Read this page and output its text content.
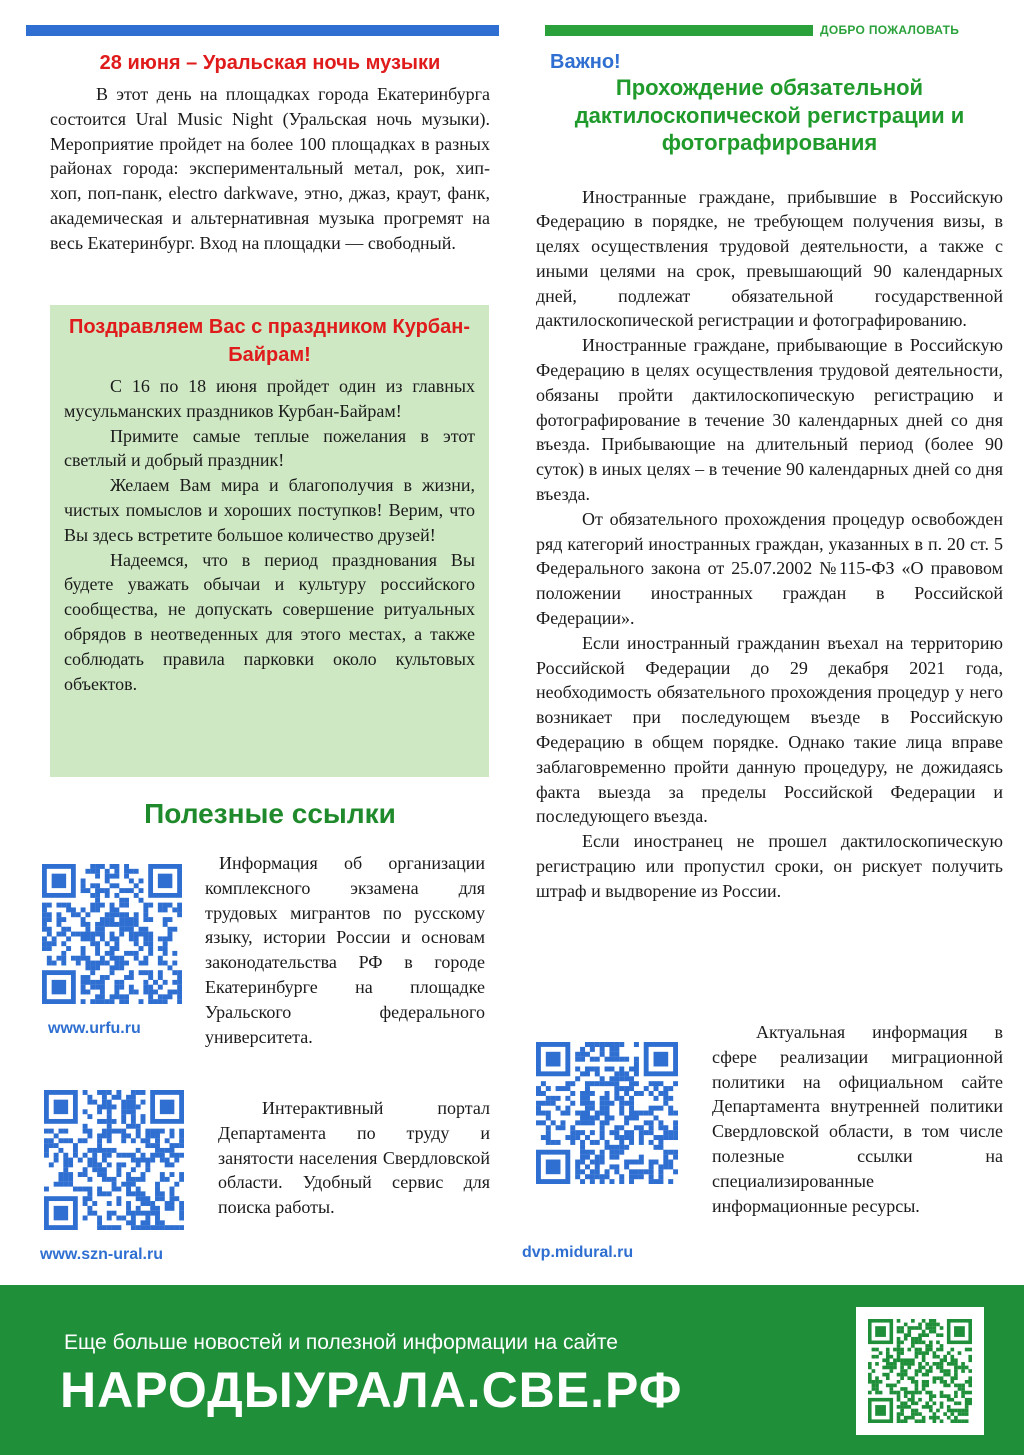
ДОБРО ПОЖАЛОВАТЬ
28 июня – Уральская ночь музыки

В этот день на площадках города Екатеринбурга состоится Ural Music Night (Уральская ночь музыки). Мероприятие пройдет на более 100 площадках в разных районах города: экспериментальный метал, рок, хип-хоп, поп-панк, electro darkwave, этно, джаз, краут, фанк, академическая и альтернативная музыка прогремят на весь Екатеринбург. Вход на площадки — свободный.

Поздравляем Вас с праздником Курбан-Байрам!

С 16 по 18 июня пройдет один из главных мусульманских праздников Курбан-Байрам!

Примите самые теплые пожелания в этот светлый и добрый праздник!

Желаем Вам мира и благополучия в жизни, чистых помыслов и хороших поступков! Верим, что Вы здесь встретите большое количество друзей!

Надеемся, что в период празднования Вы будете уважать обычаи и культуру российского сообщества, не допускать совершение ритуальных обрядов в неотведенных для этого местах, а также соблюдать правила парковки около культовых объектов.

Полезные ссылки
www.urfu.ru

Информация об организации комплексного экзамена для трудовых мигрантов по русскому языку, истории России и основам законодательства РФ в городе Екатеринбурге на площадке Уральского федерального университета.

www.szn-ural.ru

Интерактивный портал Департамента по труду и занятости населения Свердловской области. Удобный сервис для поиска работы.

Важно!
Прохождение обязательной дактилоскопической регистрации и фотографирования

Иностранные граждане, прибывшие в Российскую Федерацию в порядке, не требующем получения визы, в целях осуществления трудовой деятельности, а также с иными целями на срок, превышающий 90 календарных дней, подлежат обязательной государственной дактилоскопической регистрации и фотографированию.

Иностранные граждане, прибывающие в Российскую Федерацию в целях осуществления трудовой деятельности, обязаны пройти дактилоскопическую регистрацию и фотографирование в течение 30 календарных дней со дня въезда. Прибывающие на длительный период (более 90 суток) в иных целях – в течение 90 календарных дней со дня въезда.

От обязательного прохождения процедур освобожден ряд категорий иностранных граждан, указанных в п. 20 ст. 5 Федерального закона от 25.07.2002 №115-ФЗ «О правовом положении иностранных граждан в Российской Федерации».

Если иностранный гражданин въехал на территорию Российской Федерации до 29 декабря 2021 года, необходимость обязательного прохождения процедур у него возникает при последующем въезде в Российскую Федерацию в общем порядке. Однако такие лица вправе заблаговременно пройти данную процедуру, не дожидаясь факта выезда за пределы Российской Федерации и последующего въезда.

Если иностранец не прошел дактилоскопическую регистрацию или пропустил сроки, он рискует получить штраф и выдворение из России.

dvp.midural.ru

Актуальная информация в сфере реализации миграционной политики на официальном сайте Департамента внутренней политики Свердловской области, в том числе полезные ссылки на специализированные информационные ресурсы.

Еще больше новостей и полезной информации на сайте
НАРОДЫУРАЛА.СВЕ.РФ
